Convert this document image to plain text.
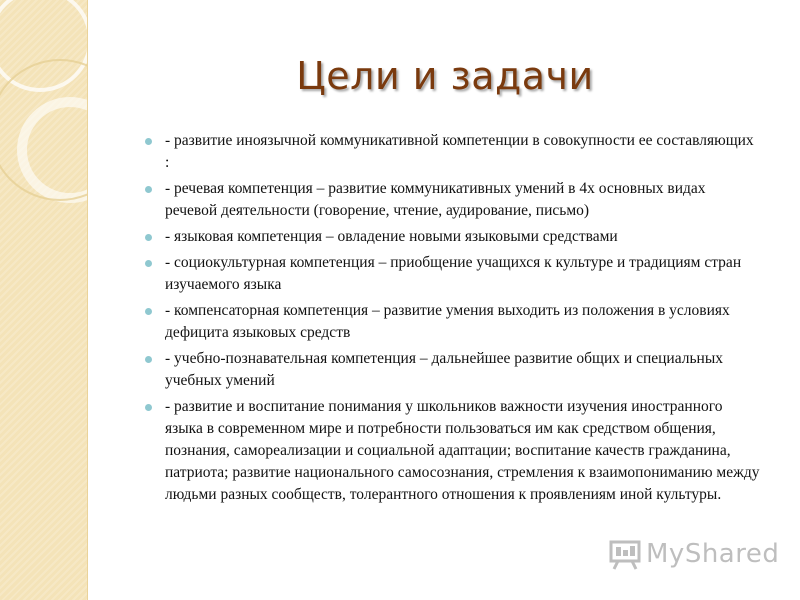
Цели и задачи
- развитие иноязычной коммуникативной компетенции в совокупности ее составляющих :
- речевая компетенция – развитие коммуникативных умений в 4х основных видах речевой деятельности (говорение, чтение, аудирование, письмо)
- языковая компетенция – овладение новыми языковыми средствами
- социокультурная компетенция – приобщение учащихся к культуре и традициям стран изучаемого языка
- компенсаторная компетенция – развитие умения выходить из положения в условиях дефицита языковых средств
- учебно-познавательная компетенция – дальнейшее развитие общих и специальных учебных умений
- развитие и воспитание понимания у школьников важности изучения иностранного языка в современном мире и потребности пользоваться им как средством общения, познания, самореализации и социальной адаптации; воспитание качеств гражданина, патриота; развитие национального самосознания, стремления к взаимопониманию между людьми разных сообществ, толерантного отношения к проявлениям иной культуры.
MyShared
